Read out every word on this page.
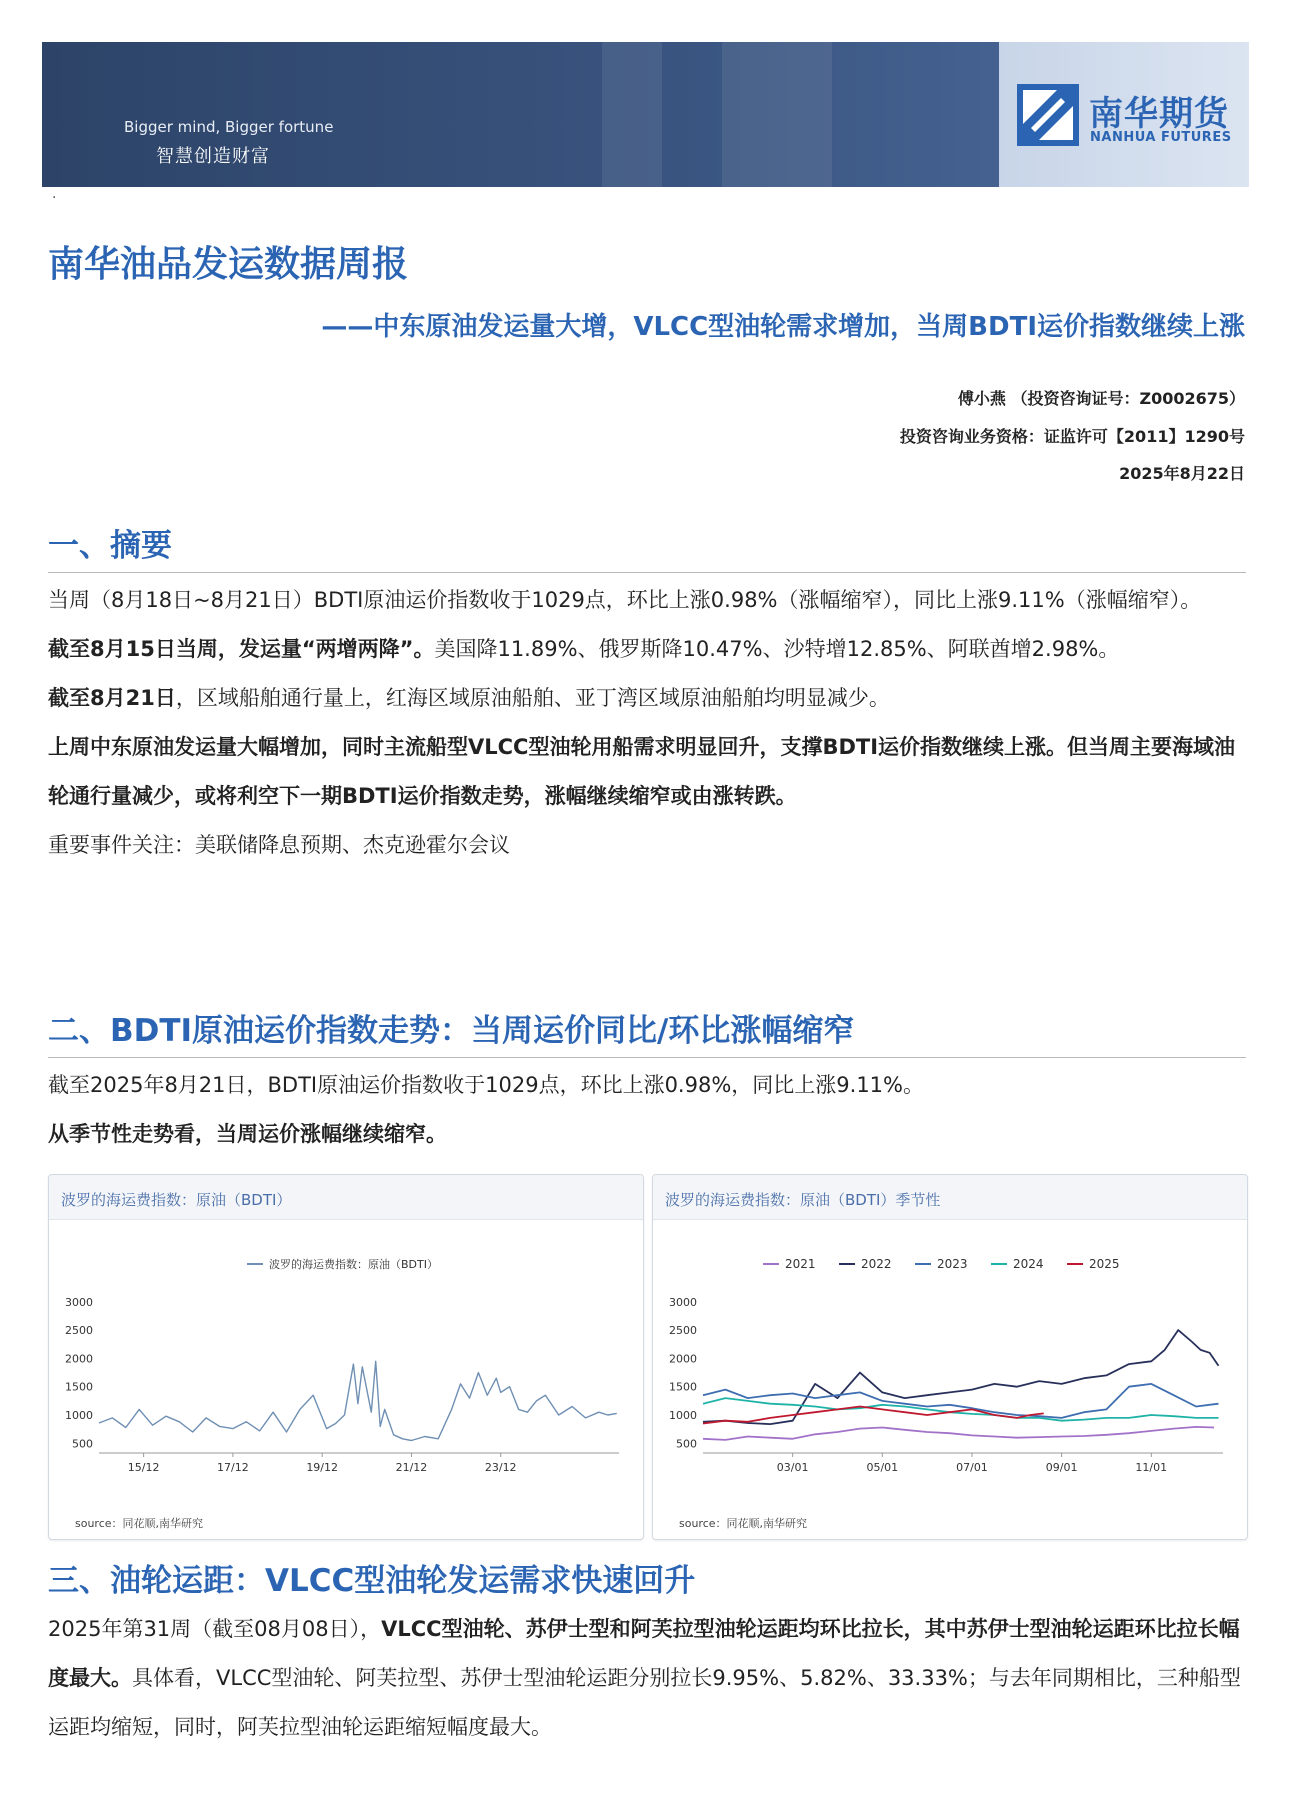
Bigger mind, Bigger fortune
智慧创造财富
南华期货
NANHUA FUTURES
·
南华油品发运数据周报
——中东原油发运量大增，VLCC型油轮需求增加，当周BDTI运价指数继续上涨
傅小燕 （投资咨询证号：Z0002675）
投资咨询业务资格：证监许可【2011】1290号
2025年8月22日
一、摘要

当周（8月18日~8月21日）BDTI原油运价指数收于1029点，环比上涨0.98%（涨幅缩窄），同比上涨9.11%（涨幅缩窄）。

截至8月15日当周，发运量“两增两降”。美国降11.89%、俄罗斯降10.47%、沙特增12.85%、阿联酋增2.98%。

截至8月21日，区域船舶通行量上，红海区域原油船舶、亚丁湾区域原油船舶均明显减少。

上周中东原油发运量大幅增加，同时主流船型VLCC型油轮用船需求明显回升，支撑BDTI运价指数继续上涨。但当周主要海域油轮通行量减少，或将利空下一期BDTI运价指数走势，涨幅继续缩窄或由涨转跌。

重要事件关注：美联储降息预期、杰克逊霍尔会议

二、BDTI原油运价指数走势：当周运价同比/环比涨幅缩窄

截至2025年8月21日，BDTI原油运价指数收于1029点，环比上涨0.98%，同比上涨9.11%。

从季节性走势看，当周运价涨幅继续缩窄。

波罗的海运费指数：原油（BDTI）
500
1000
1500
2000
2500
3000
15/12	17/12	19/12	21/12	23/12
波罗的海运费指数：原油（BDTI）
source：同花顺,南华研究
波罗的海运费指数：原油（BDTI）季节性
500
1000
1500
2000
2500
3000
03/01	05/01	07/01	09/01	11/01
2021	2022	2023	2024	2025
source：同花顺,南华研究
三、油轮运距：VLCC型油轮发运需求快速回升

2025年第31周（截至08月08日），VLCC型油轮、苏伊士型和阿芙拉型油轮运距均环比拉长，其中苏伊士型油轮运距环比拉长幅度最大。具体看，VLCC型油轮、阿芙拉型、苏伊士型油轮运距分别拉长9.95%、5.82%、33.33%；与去年同期相比，三种船型运距均缩短，同时，阿芙拉型油轮运距缩短幅度最大。
